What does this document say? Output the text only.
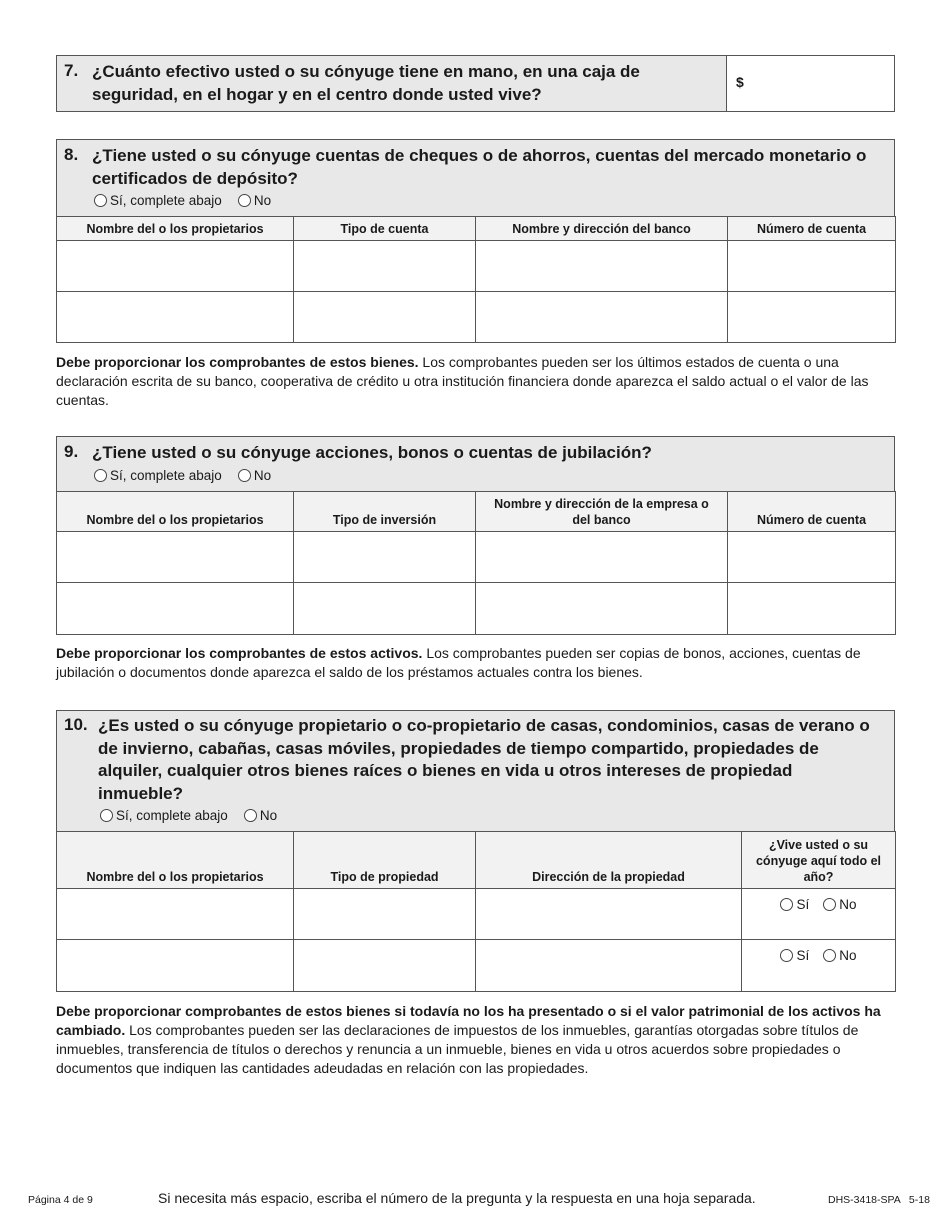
7. ¿Cuánto efectivo usted o su cónyuge tiene en mano, en una caja de
seguridad, en el hogar y en el centro donde usted vive?
$
8. ¿Tiene usted o su cónyuge cuentas de cheques o de ahorros, cuentas del mercado monetario o
certificados de depósito?
Sí, complete abajo No
Nombre del o los propietarios	Tipo de cuenta	Nombre y dirección del banco	Número de cuenta

Debe proporcionar los comprobantes de estos bienes. Los comprobantes pueden ser los últimos estados de cuenta o una declaración escrita de su banco, cooperativa de crédito u otra institución financiera donde aparezca el saldo actual o el valor de las cuentas.
9. ¿Tiene usted o su cónyuge acciones, bonos o cuentas de jubilación?
Sí, complete abajo No
Nombre del o los propietarios	Tipo de inversión	Nombre y dirección de la empresa o del banco	Número de cuenta

Debe proporcionar los comprobantes de estos activos. Los comprobantes pueden ser copias de bonos, acciones, cuentas de jubilación o documentos donde aparezca el saldo de los préstamos actuales contra los bienes.
10. ¿Es usted o su cónyuge propietario o co-propietario de casas, condominios, casas de verano o
de invierno, cabañas, casas móviles, propiedades de tiempo compartido, propiedades de
alquiler, cualquier otros bienes raíces o bienes en vida u otros intereses de propiedad
inmueble?
Sí, complete abajo No
Nombre del o los propietarios	Tipo de propiedad	Dirección de la propiedad	¿Vive usted o su cónyuge aquí todo el año?

			Sí No

			Sí No
Debe proporcionar comprobantes de estos bienes si todavía no los ha presentado o si el valor patrimonial de los activos ha cambiado. Los comprobantes pueden ser las declaraciones de impuestos de los inmuebles, garantías otorgadas sobre títulos de inmuebles, transferencia de títulos o derechos y renuncia a un inmueble, bienes en vida u otros acuerdos sobre propiedades o documentos que indiquen las cantidades adeudadas en relación con las propiedades.
Página 4 de 9	Si necesita más espacio, escriba el número de la pregunta y la respuesta en una hoja separada.	DHS-3418-SPA   5-18
